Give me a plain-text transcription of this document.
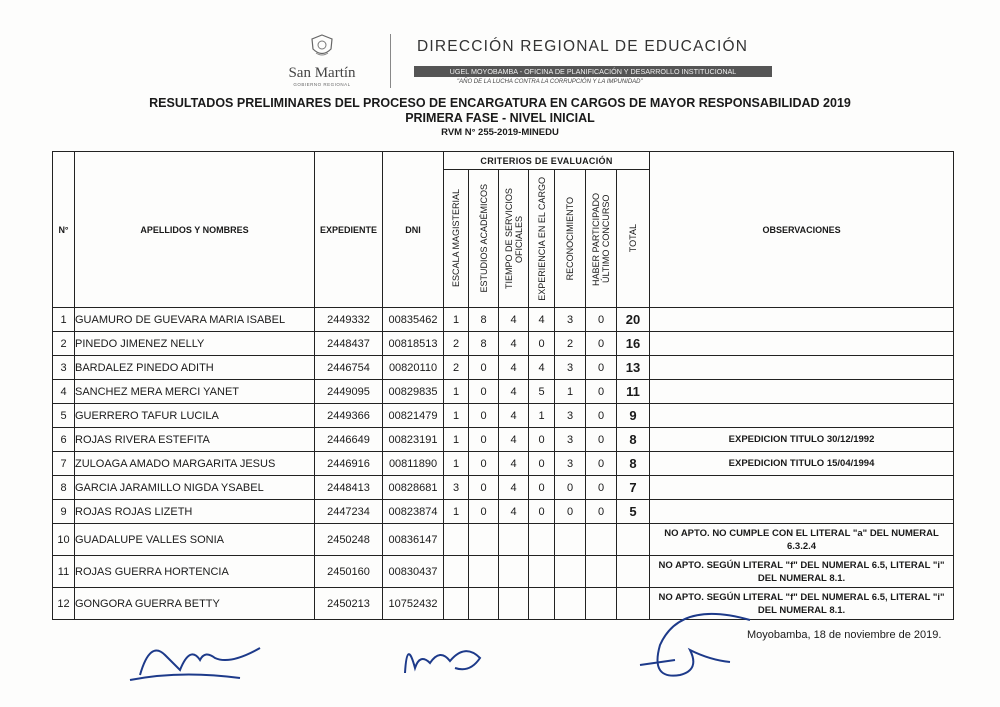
San Martín
GOBIERNO REGIONAL
DIRECCIÓN REGIONAL DE EDUCACIÓN
UGEL MOYOBAMBA - OFICINA DE PLANIFICACIÓN Y DESARROLLO INSTITUCIONAL
"AÑO DE LA LUCHA CONTRA LA CORRUPCIÓN Y LA IMPUNIDAD"
RESULTADOS PRELIMINARES DEL PROCESO DE ENCARGATURA EN CARGOS DE MAYOR RESPONSABILIDAD 2019
PRIMERA FASE - NIVEL INICIAL
RVM N° 255-2019-MINEDU
N°	APELLIDOS Y NOMBRES	EXPEDIENTE	DNI	CRITERIOS DE EVALUACIÓN							OBSERVACIONES

				ESCALA MAGISTERIAL	ESTUDIOS ACADÉMICOS	TIEMPO DE SERVICIOS OFICIALES	EXPERIENCIA EN EL CARGO	RECONOCIMIENTO	HABER PARTICIPADO ÚLTIMO CONCURSO	TOTAL	

1	GUAMURO DE GUEVARA MARIA ISABEL	2449332	00835462	1	8	4	4	3	0	20	
2	PINEDO JIMENEZ NELLY	2448437	00818513	2	8	4	0	2	0	16	
3	BARDALEZ PINEDO ADITH	2446754	00820110	2	0	4	4	3	0	13	
4	SANCHEZ MERA MERCI YANET	2449095	00829835	1	0	4	5	1	0	11	
5	GUERRERO TAFUR LUCILA	2449366	00821479	1	0	4	1	3	0	9	
6	ROJAS RIVERA ESTEFITA	2446649	00823191	1	0	4	0	3	0	8	EXPEDICION TITULO 30/12/1992
7	ZULOAGA AMADO MARGARITA JESUS	2446916	00811890	1	0	4	0	3	0	8	EXPEDICION TITULO 15/04/1994
8	GARCIA JARAMILLO NIGDA YSABEL	2448413	00828681	3	0	4	0	0	0	7	
9	ROJAS ROJAS LIZETH	2447234	00823874	1	0	4	0	0	0	5	
10	GUADALUPE VALLES SONIA	2450248	00836147								NO APTO. NO CUMPLE CON EL LITERAL "a" DEL NUMERAL 6.3.2.4
11	ROJAS GUERRA HORTENCIA	2450160	00830437								NO APTO. SEGÚN LITERAL "f" DEL NUMERAL 6.5, LITERAL "i" DEL NUMERAL 8.1.
12	GONGORA GUERRA BETTY	2450213	10752432								NO APTO. SEGÚN LITERAL "f" DEL NUMERAL 6.5, LITERAL "i" DEL NUMERAL 8.1.
Moyobamba, 18 de noviembre de 2019.
